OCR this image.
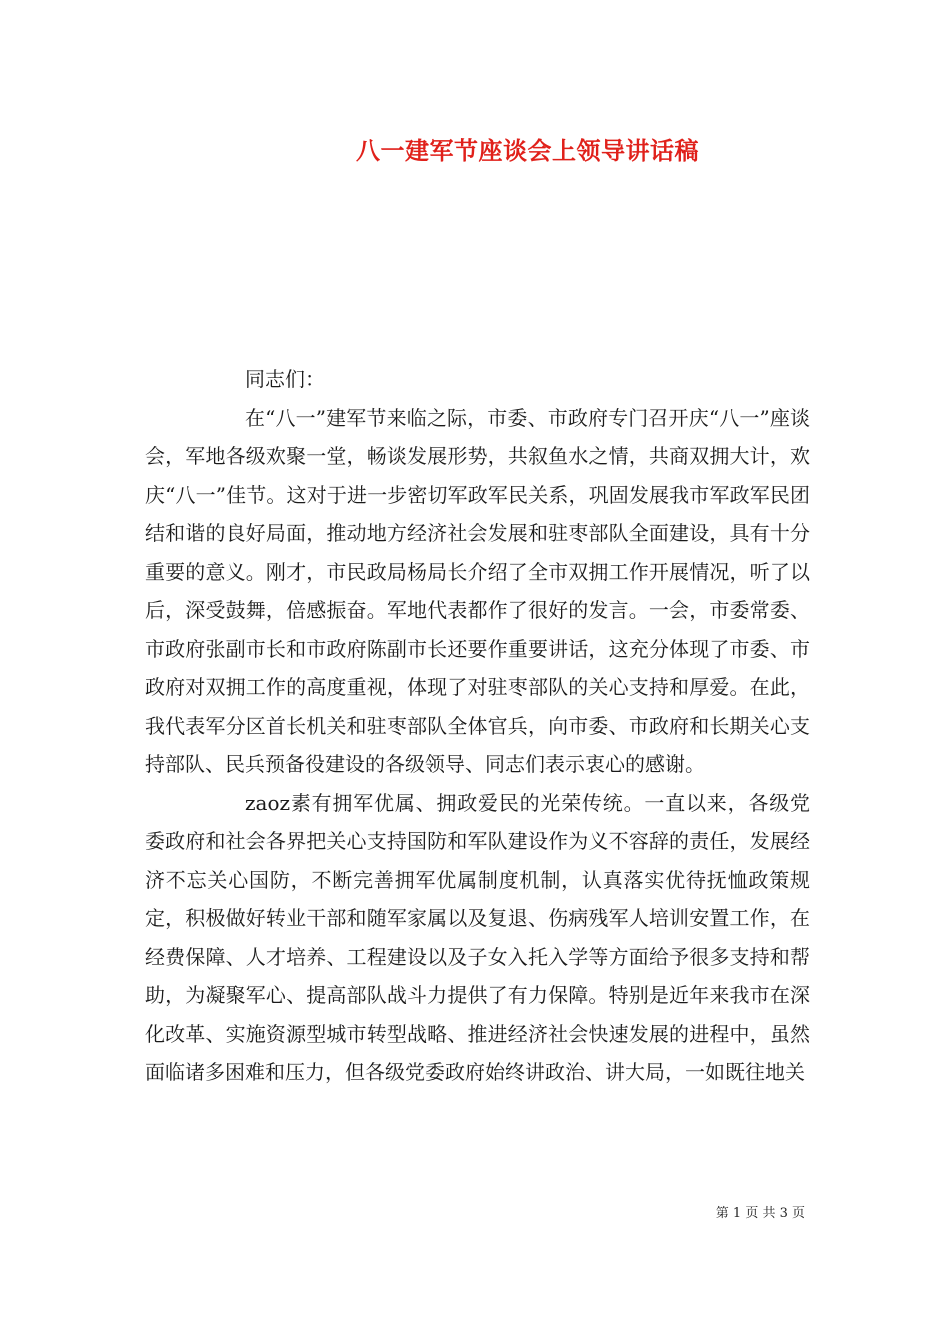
八一建军节座谈会上领导讲话稿

同志们：

在“八一”建军节来临之际，市委、市政府专门召开庆“八一”座谈会，军地各级欢聚一堂，畅谈发展形势，共叙鱼水之情，共商双拥大计，欢庆“八一”佳节。这对于进一步密切军政军民关系，巩固发展我市军政军民团结和谐的良好局面，推动地方经济社会发展和驻枣部队全面建设，具有十分重要的意义。刚才，市民政局杨局长介绍了全市双拥工作开展情况，听了以后，深受鼓舞，倍感振奋。军地代表都作了很好的发言。一会，市委常委、市政府张副市长和市政府陈副市长还要作重要讲话，这充分体现了市委、市政府对双拥工作的高度重视，体现了对驻枣部队的关心支持和厚爱。在此，我代表军分区首长机关和驻枣部队全体官兵，向市委、市政府和长期关心支持部队、民兵预备役建设的各级领导、同志们表示衷心的感谢。

zaoz素有拥军优属、拥政爱民的光荣传统。一直以来，各级党委政府和社会各界把关心支持国防和军队建设作为义不容辞的责任，发展经济不忘关心国防，不断完善拥军优属制度机制，认真落实优待抚恤政策规定，积极做好转业干部和随军家属以及复退、伤病残军人培训安置工作，在经费保障、人才培养、工程建设以及子女入托入学等方面给予很多支持和帮助，为凝聚军心、提高部队战斗力提供了有力保障。特别是近年来我市在深化改革、实施资源型城市转型战略、推进经济社会快速发展的进程中，虽然面临诸多困难和压力，但各级党委政府始终讲政治、讲大局，一如既往地关

第 1 页 共 3 页
